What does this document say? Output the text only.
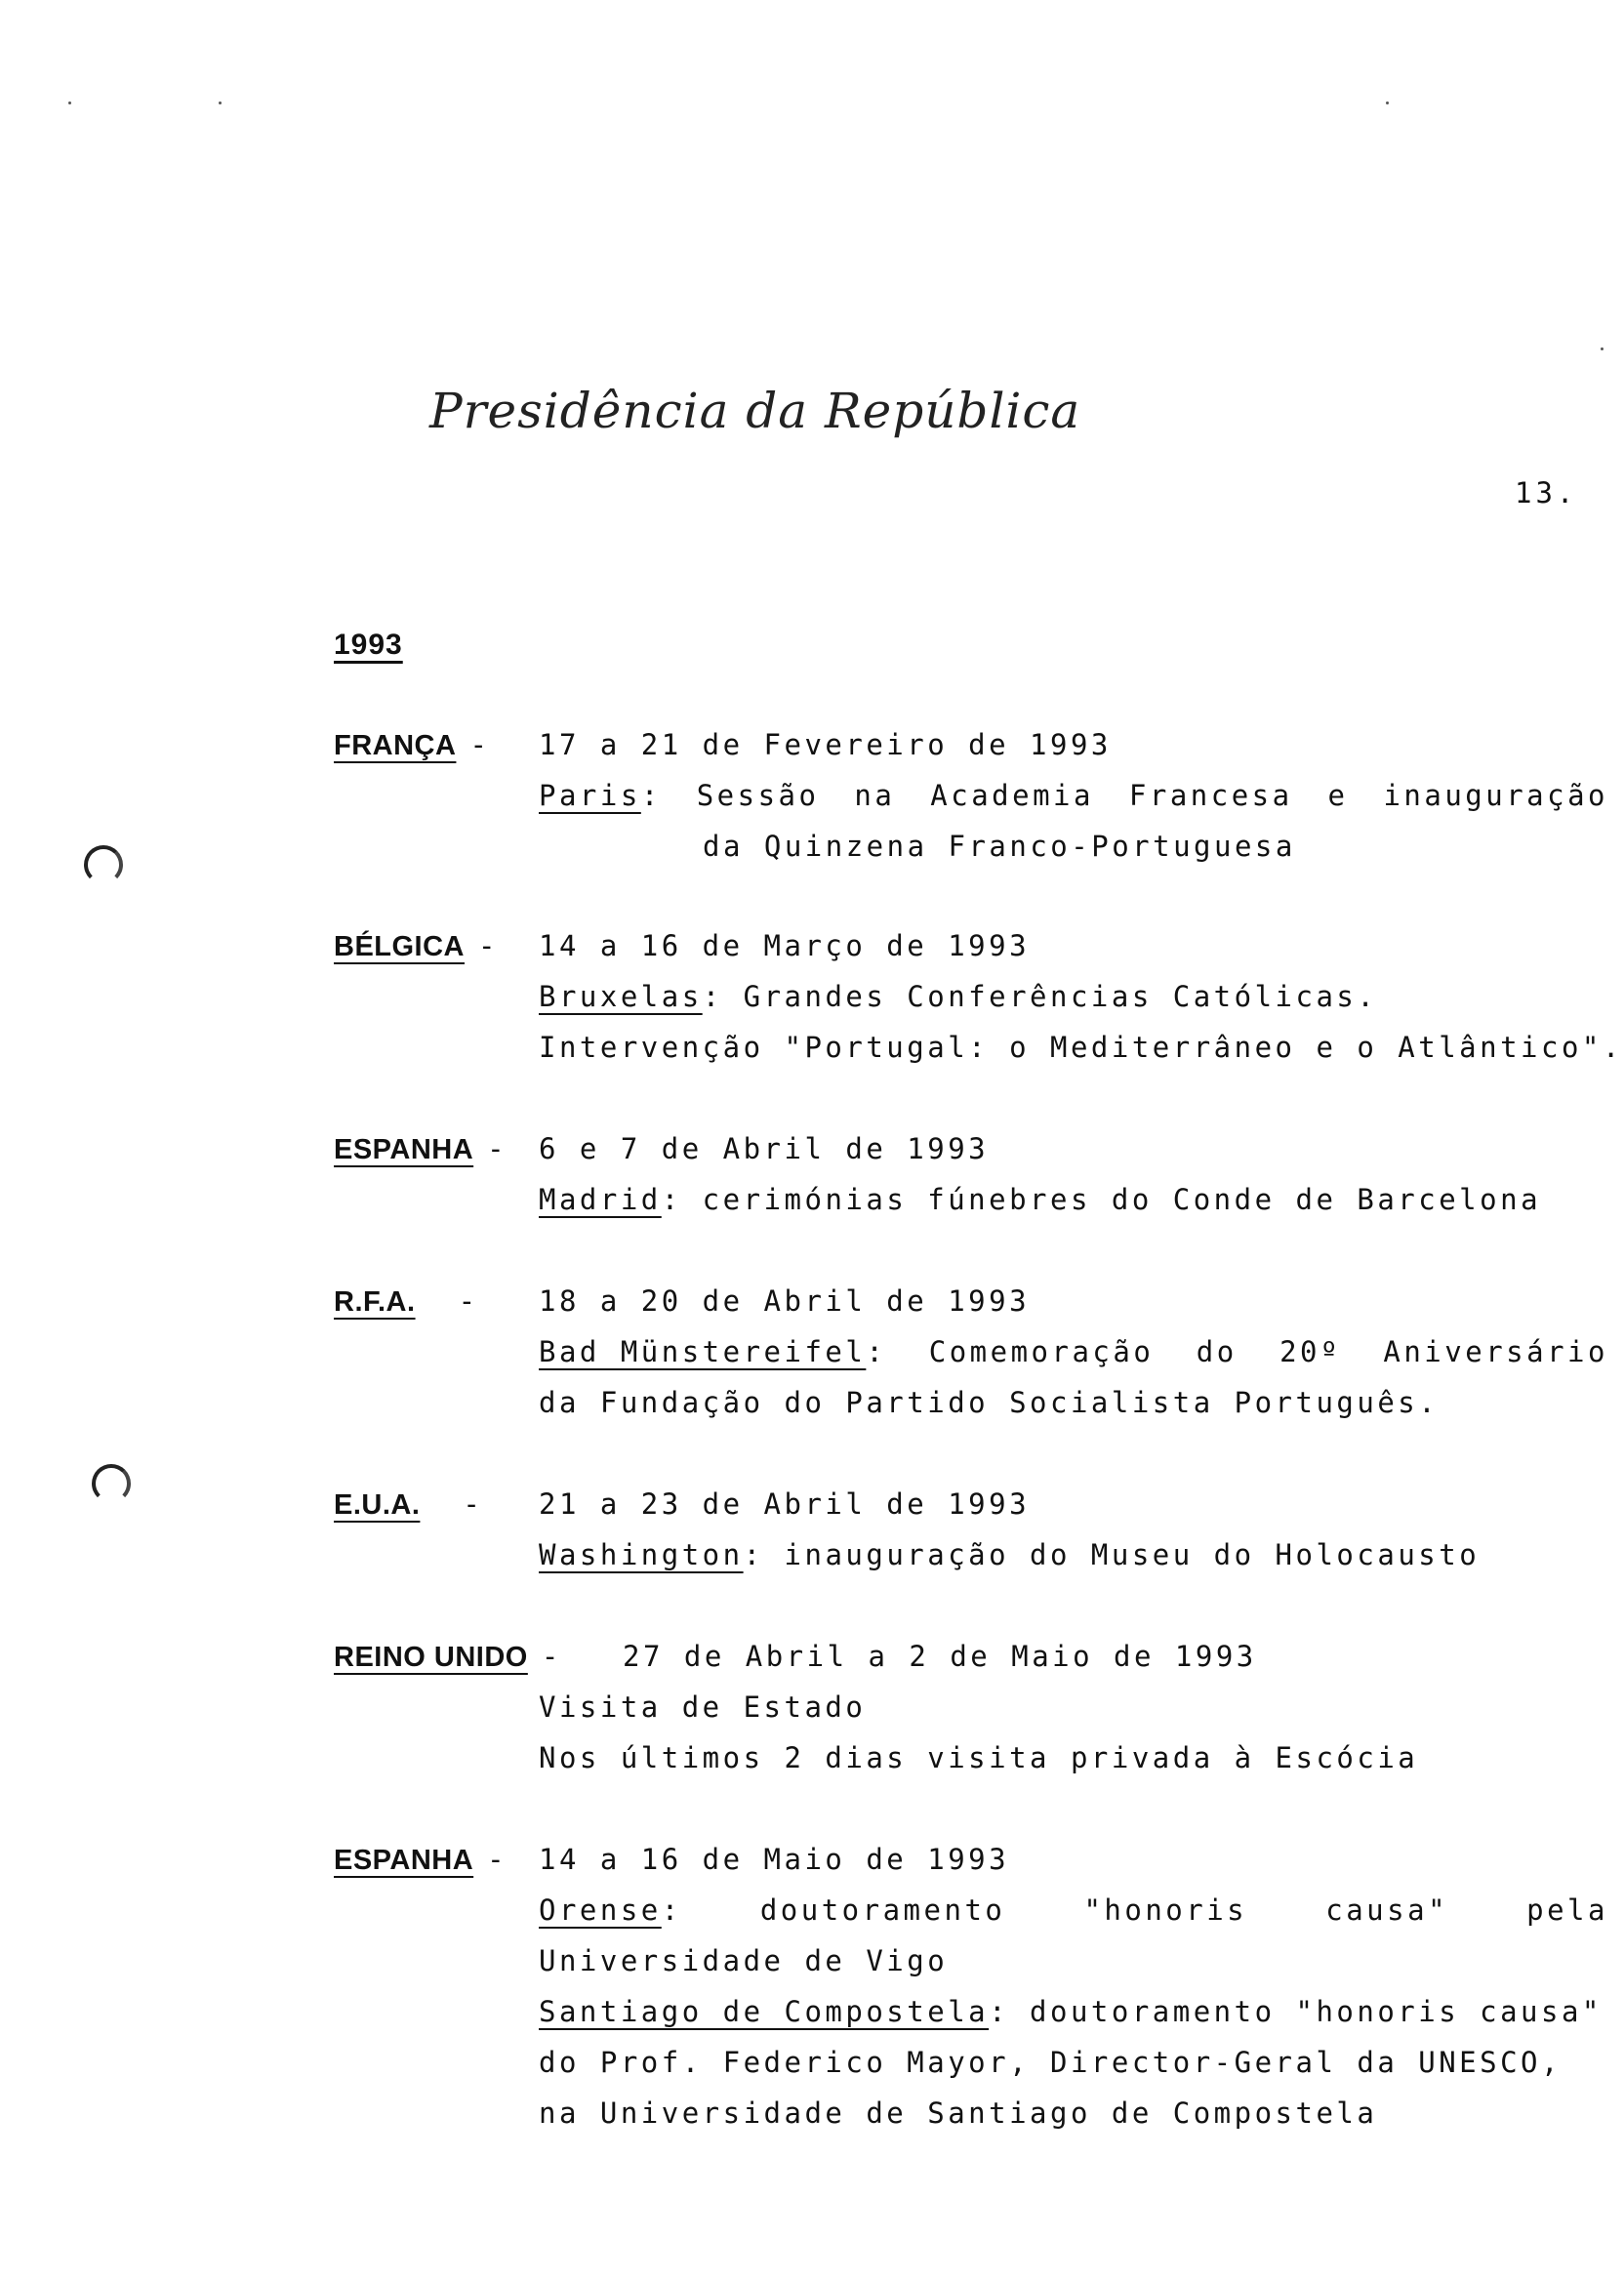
Presidência da República
13.
1993
FRANÇA - 17 a 21 de Fevereiro de 1993
Paris: Sessão na Academia Francesa e inauguração
da Quinzena Franco-Portuguesa
BÉLGICA - 14 a 16 de Março de 1993
Bruxelas: Grandes Conferências Católicas.
Intervenção "Portugal: o Mediterrâneo e o Atlântico".
ESPANHA - 6 e 7 de Abril de 1993
Madrid: cerimónias fúnebres do Conde de Barcelona
R.F.A. - 18 a 20 de Abril de 1993
Bad Münstereifel: Comemoração do 20º Aniversário
da Fundação do Partido Socialista Português.
E.U.A. - 21 a 23 de Abril de 1993
Washington: inauguração do Museu do Holocausto
REINO UNIDO - 27 de Abril a 2 de Maio de 1993
Visita de Estado
Nos últimos 2 dias visita privada à Escócia
ESPANHA - 14 a 16 de Maio de 1993
Orense:	doutoramento	"honoris	causa"	pela
Universidade de Vigo
Santiago de Compostela: doutoramento "honoris causa"
do Prof. Federico Mayor, Director-Geral da UNESCO,
na Universidade de Santiago de Compostela
